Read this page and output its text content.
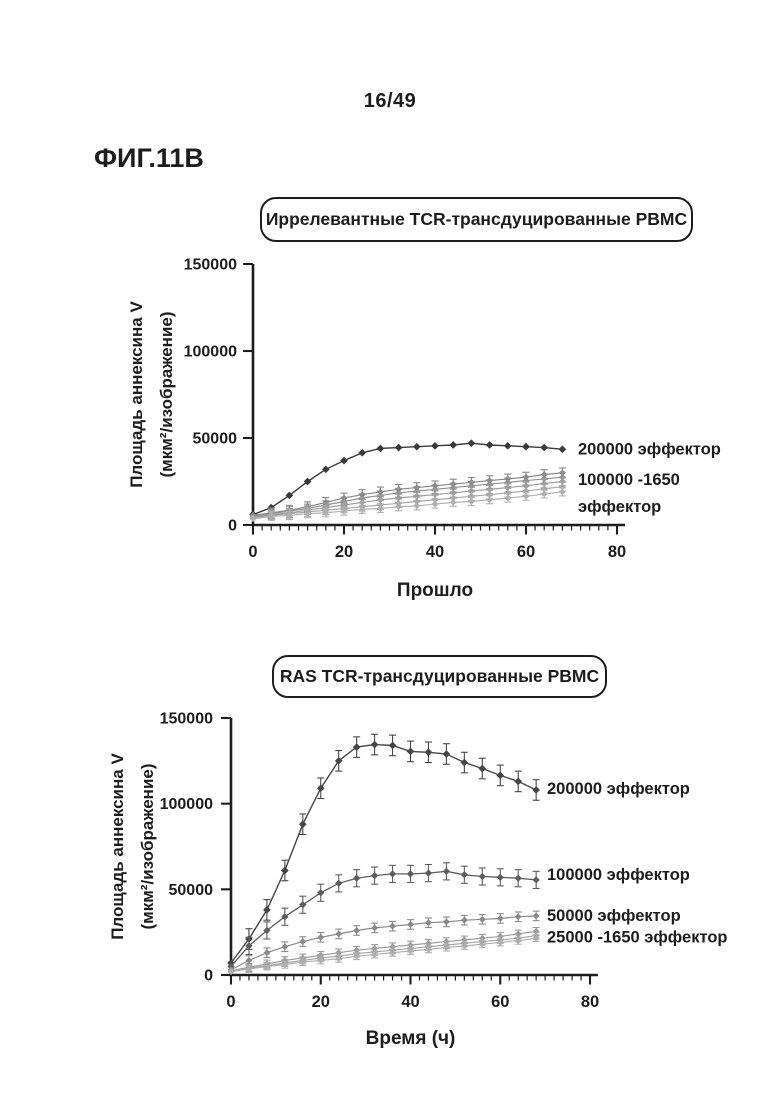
16/49
ФИГ.11B
Иррелевантные TCR-трансдуцированные PBMC
0	20	40	60	80
0
50000
100000
150000
Площадь аннексина V (мкм²/изображение)
Прошло
200000 эффектор
100000 -1650
эффектор
RAS TCR-трансдуцированные PBMC
0	20	40	60	80
0
50000
100000
150000
Площадь аннексина V (мкм²/изображение)
Время (ч)
200000 эффектор
100000 эффектор
50000 эффектор
25000 -1650 эффектор
